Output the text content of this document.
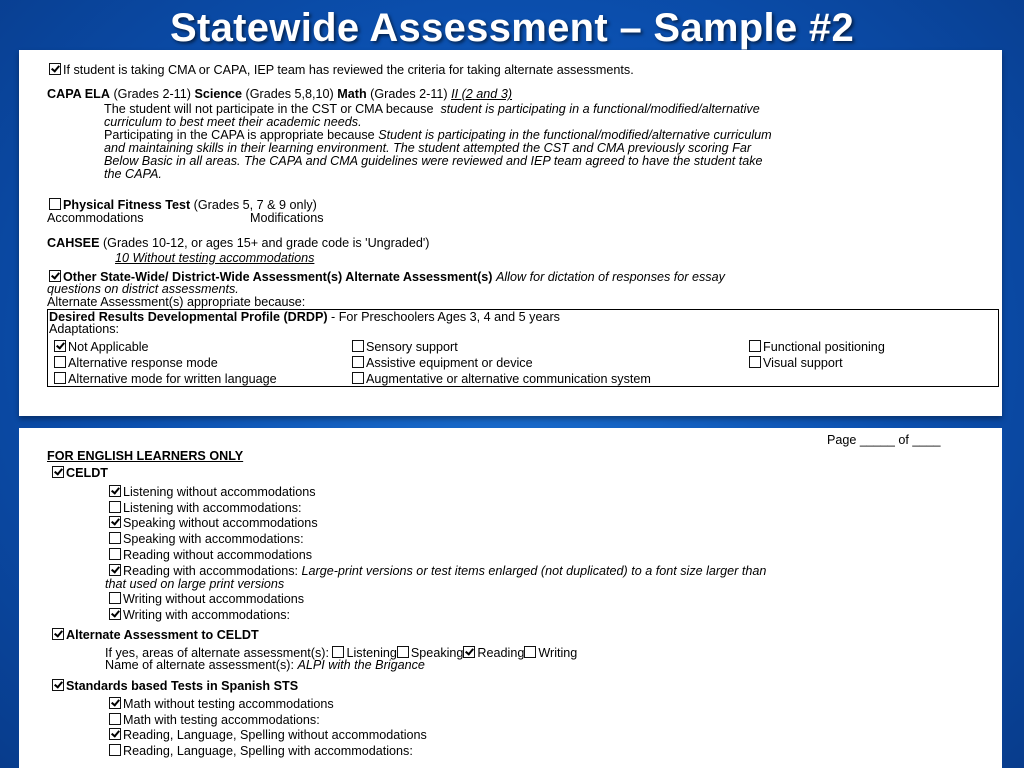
Statewide Assessment – Sample #2
If student is taking CMA or CAPA, IEP team has reviewed the criteria for taking alternate assessments.
CAPA ELA (Grades 2-11) Science (Grades 5,8,10) Math (Grades 2-11) II (2 and 3)
The student will not participate in the CST or CMA because student is participating in a functional/modified/alternative
curriculum to best meet their academic needs.
Participating in the CAPA is appropriate because Student is participating in the functional/modified/alternative curriculum
and maintaining skills in their learning environment. The student attempted the CST and CMA previously scoring Far
Below Basic in all areas. The CAPA and CMA guidelines were reviewed and IEP team agreed to have the student take
the CAPA.
Physical Fitness Test (Grades 5, 7 & 9 only)
Accommodations	Modifications
CAHSEE (Grades 10-12, or ages 15+ and grade code is 'Ungraded')
10 Without testing accommodations
Other State-Wide/ District-Wide Assessment(s) Alternate Assessment(s) Allow for dictation of responses for essay
questions on district assessments.
Alternate Assessment(s) appropriate because:
Desired Results Developmental Profile (DRDP) - For Preschoolers Ages 3, 4 and 5 years
Adaptations:
Not Applicable	Sensory support	Functional positioning
Alternative response mode	Assistive equipment or device	Visual support
Alternative mode for written language	Augmentative or alternative communication system
Page _____ of ____
FOR ENGLISH LEARNERS ONLY
CELDT
Listening without accommodations
Listening with accommodations:
Speaking without accommodations
Speaking with accommodations:
Reading without accommodations
Reading with accommodations: Large-print versions or test items enlarged (not duplicated) to a font size larger than
that used on large print versions
Writing without accommodations
Writing with accommodations:
Alternate Assessment to CELDT
If yes, areas of alternate assessment(s): Listening Speaking Reading Writing
Name of alternate assessment(s): ALPI with the Brigance
Standards based Tests in Spanish STS
Math without testing accommodations
Math with testing accommodations:
Reading, Language, Spelling without accommodations
Reading, Language, Spelling with accommodations:
